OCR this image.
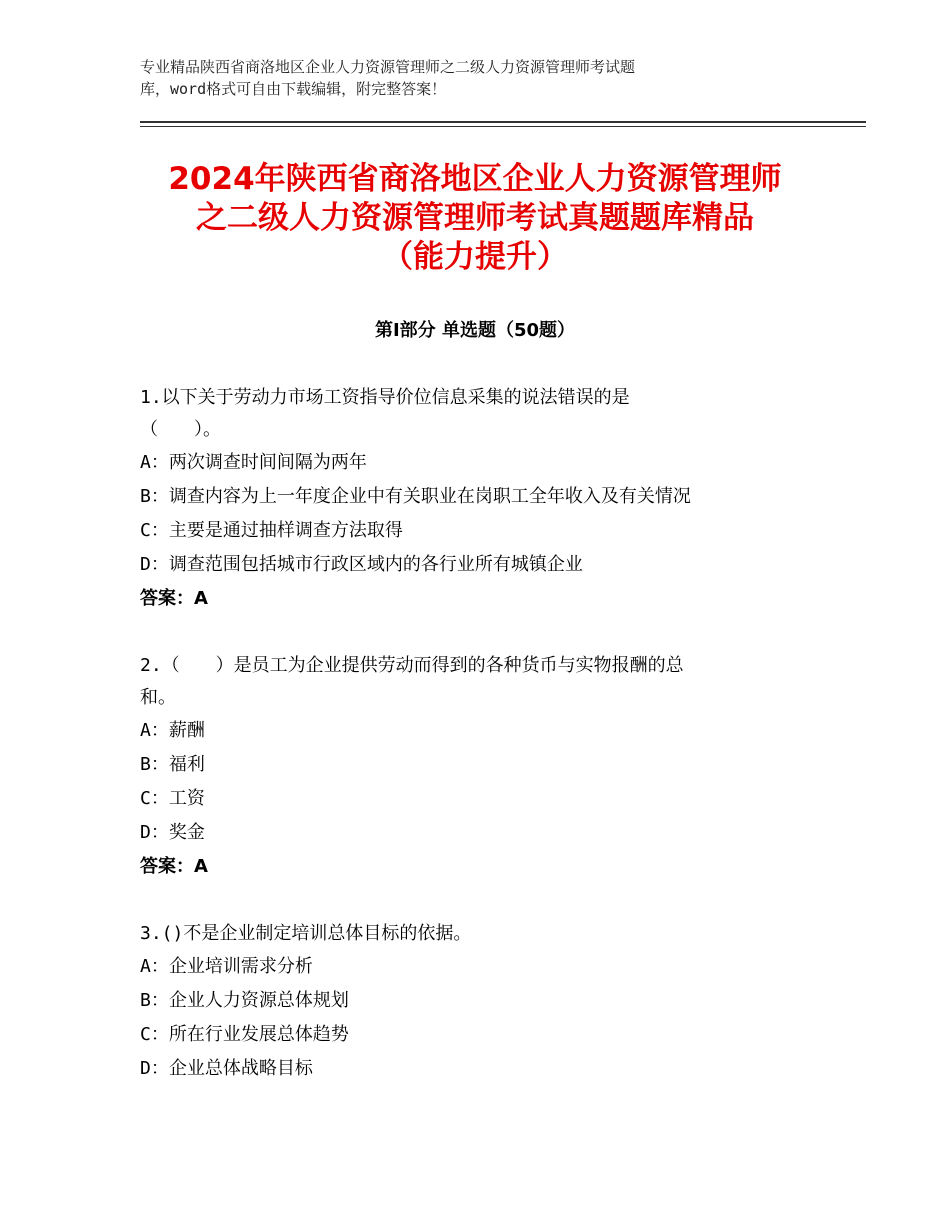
专业精品陕西省商洛地区企业人力资源管理师之二级人力资源管理师考试题
库，word格式可自由下载编辑，附完整答案！
2024年陕西省商洛地区企业人力资源管理师
之二级人力资源管理师考试真题题库精品
（能力提升）
第Ⅰ部分 单选题（50题）
1.以下关于劳动力市场工资指导价位信息采集的说法错误的是
（　　）。
A：两次调查时间间隔为两年
B：调查内容为上一年度企业中有关职业在岗职工全年收入及有关情况
C：主要是通过抽样调查方法取得
D：调查范围包括城市行政区域内的各行业所有城镇企业
答案：A
2.（　　）是员工为企业提供劳动而得到的各种货币与实物报酬的总
和。
A：薪酬
B：福利
C：工资
D：奖金
答案：A
3.()不是企业制定培训总体目标的依据。
A：企业培训需求分析
B：企业人力资源总体规划
C：所在行业发展总体趋势
D：企业总体战略目标
